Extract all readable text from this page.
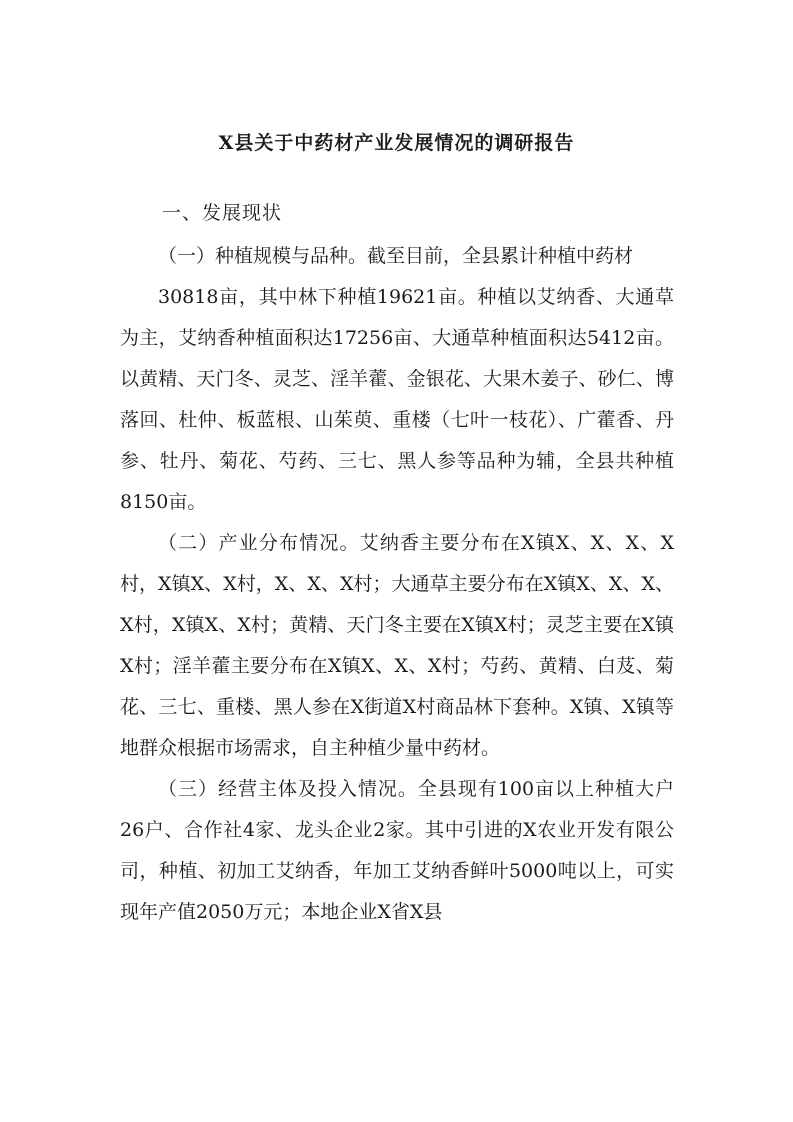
X县关于中药材产业发展情况的调研报告
一、发展现状

（一）种植规模与品种。截至目前，全县累计种植中药材

30818亩，其中林下种植19621亩。种植以艾纳香、大通草为主，艾纳香种植面积达17256亩、大通草种植面积达5412亩。以黄精、天门冬、灵芝、淫羊藿、金银花、大果木姜子、砂仁、博落回、杜仲、板蓝根、山茱萸、重楼（七叶一枝花）、广藿香、丹参、牡丹、菊花、芍药、三七、黑人参等品种为辅，全县共种植8150亩。

（二）产业分布情况。艾纳香主要分布在X镇X、X、X、X村，X镇X、X村，X、X、X村；大通草主要分布在X镇X、X、X、X村，X镇X、X村；黄精、天门冬主要在X镇X村；灵芝主要在X镇X村；淫羊藿主要分布在X镇X、X、X村；芍药、黄精、白芨、菊花、三七、重楼、黑人参在X街道X村商品林下套种。X镇、X镇等地群众根据市场需求，自主种植少量中药材。

（三）经营主体及投入情况。全县现有100亩以上种植大户26户、合作社4家、龙头企业2家。其中引进的X农业开发有限公司，种植、初加工艾纳香，年加工艾纳香鲜叶5000吨以上，可实现年产值2050万元；本地企业X省X县
